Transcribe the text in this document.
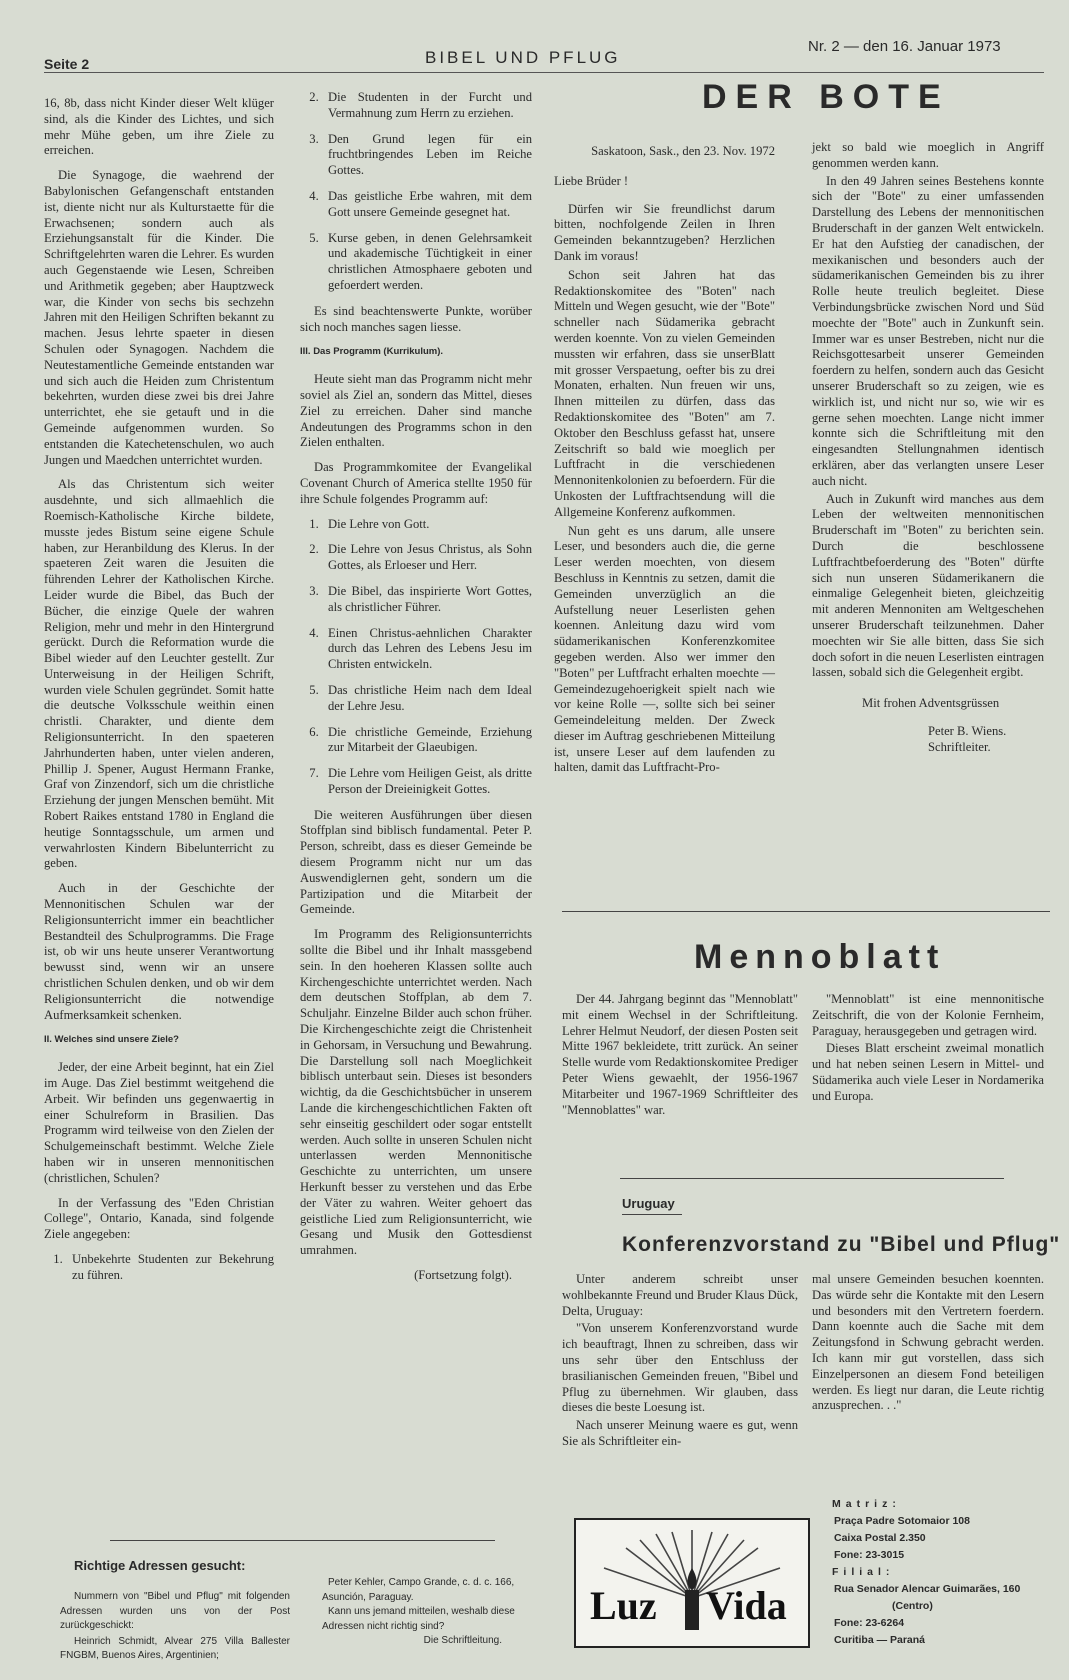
Seite 2	BIBEL UND PFLUG
Nr. 2 — den 16. Januar 1973

16, 8b, dass nicht Kinder dieser Welt klüger sind, als die Kinder des Lichtes, und sich mehr Mühe geben, um ihre Ziele zu erreichen.

Die Synagoge, die waehrend der Babylonischen Gefangenschaft entstanden ist, diente nicht nur als Kulturstaette für die Erwachsenen; sondern auch als Erziehungsanstalt für die Kinder. Die Schriftgelehrten waren die Lehrer. Es wurden auch Gegenstaende wie Lesen, Schreiben und Arithmetik gegeben; aber Hauptzweck war, die Kinder von sechs bis sechzehn Jahren mit den Heiligen Schriften bekannt zu machen. Jesus lehrte spaeter in diesen Schulen oder Synagogen. Nachdem die Neutestamentliche Gemeinde entstanden war und sich auch die Heiden zum Christentum bekehrten, wurden diese zwei bis drei Jahre unterrichtet, ehe sie getauft und in die Gemeinde aufgenommen wurden. So entstanden die Katechetenschulen, wo auch Jungen und Maedchen unterrichtet wurden.

Als das Christentum sich weiter ausdehnte, und sich allmaehlich die Roemisch-Katholische Kirche bildete, musste jedes Bistum seine eigene Schule haben, zur Heranbildung des Klerus. In der spaeteren Zeit waren die Jesuiten die führenden Lehrer der Katholischen Kirche. Leider wurde die Bibel, das Buch der Bücher, die einzige Quele der wahren Religion, mehr und mehr in den Hintergrund gerückt. Durch die Reformation wurde die Bibel wieder auf den Leuchter gestellt. Zur Unterweisung in der Heiligen Schrift, wurden viele Schulen gegründet. Somit hatte die deutsche Volksschule weithin einen christli. Charakter, und diente dem Religionsunterricht. In den spaeteren Jahrhunderten haben, unter vielen anderen, Phillip J. Spener, August Hermann Franke, Graf von Zinzendorf, sich um die christliche Erziehung der jungen Menschen bemüht. Mit Robert Raikes entstand 1780 in England die heutige Sonntagsschule, um armen und verwahrlosten Kindern Bibelunterricht zu geben.

Auch in der Geschichte der Mennonitischen Schulen war der Religionsunterricht immer ein beachtlicher Bestandteil des Schulprogramms. Die Frage ist, ob wir uns heute unserer Verantwortung bewusst sind, wenn wir an unsere christlichen Schulen denken, und ob wir dem Religionsunterricht die notwendige Aufmerksamkeit schenken.

II. Welches sind unsere Ziele?

Jeder, der eine Arbeit beginnt, hat ein Ziel im Auge. Das Ziel bestimmt weitgehend die Arbeit. Wir befinden uns gegenwaertig in einer Schulreform in Brasilien. Das Programm wird teilweise von den Zielen der Schulgemeinschaft bestimmt. Welche Ziele haben wir in unseren mennonitischen (christlichen, Schulen?

In der Verfassung des "Eden Christian College", Ontario, Kanada, sind folgende Ziele angegeben:

1. Unbekehrte Studenten zur Bekehrung zu führen.
2. Die Studenten in der Furcht und Vermahnung zum Herrn zu erziehen.
3. Den Grund legen für ein fruchtbringendes Leben im Reiche Gottes.
4. Das geistliche Erbe wahren, mit dem Gott unsere Gemeinde gesegnet hat.
5. Kurse geben, in denen Gelehrsamkeit und akademische Tüchtigkeit in einer christlichen Atmosphaere geboten und gefoerdert werden.

Es sind beachtenswerte Punkte, worüber sich noch manches sagen liesse.

III. Das Programm (Kurrikulum).

Heute sieht man das Programm nicht mehr soviel als Ziel an, sondern das Mittel, dieses Ziel zu erreichen. Daher sind manche Andeutungen des Programms schon in den Zielen enthalten.

Das Programmkomitee der Evangelikal Covenant Church of America stellte 1950 für ihre Schule folgendes Programm auf:

1. Die Lehre von Gott.
2. Die Lehre von Jesus Christus, als Sohn Gottes, als Erloeser und Herr.
3. Die Bibel, das inspirierte Wort Gottes, als christlicher Führer.
4. Einen Christus-aehnlichen Charakter durch das Lehren des Lebens Jesu im Christen entwickeln.
5. Das christliche Heim nach dem Ideal der Lehre Jesu.
6. Die christliche Gemeinde, Erziehung zur Mitarbeit der Glaeubigen.
7. Die Lehre vom Heiligen Geist, als dritte Person der Dreieinigkeit Gottes.

Die weiteren Ausführungen über diesen Stoffplan sind biblisch fundamental. Peter P. Person, schreibt, dass es dieser Gemeinde be diesem Programm nicht nur um das Auswendiglernen geht, sondern um die Partizipation und die Mitarbeit der Gemeinde.

Im Programm des Religionsunterrichts sollte die Bibel und ihr Inhalt massgebend sein. In den hoeheren Klassen sollte auch Kirchengeschichte unterrichtet werden. Nach dem deutschen Stoffplan, ab dem 7. Schuljahr. Einzelne Bilder auch schon früher. Die Kirchengeschichte zeigt die Christenheit in Gehorsam, in Versuchung und Bewahrung. Die Darstellung soll nach Moeglichkeit biblisch unterbaut sein. Dieses ist besonders wichtig, da die Geschichtsbücher in unserem Lande die kirchengeschichtlichen Fakten oft sehr einseitig geschildert oder sogar entstellt werden. Auch sollte in unseren Schulen nicht unterlassen werden Mennonitische Geschichte zu unterrichten, um unsere Herkunft besser zu verstehen und das Erbe der Väter zu wahren. Weiter gehoert das geistliche Lied zum Religionsunterricht, wie Gesang und Musik den Gottesdienst umrahmen.

(Fortsetzung folgt).
DER BOTE

Saskatoon, Sask., den 23. Nov. 1972

Liebe Brüder !

Dürfen wir Sie freundlichst darum bitten, nochfolgende Zeilen in Ihren Gemeinden bekanntzugeben? Herzlichen Dank im voraus!

Schon seit Jahren hat das Redaktionskomitee des "Boten" nach Mitteln und Wegen gesucht, wie der "Bote" schneller nach Südamerika gebracht werden koennte. Von zu vielen Gemeinden mussten wir erfahren, dass sie unserBlatt mit grosser Verspaetung, oefter bis zu drei Monaten, erhalten. Nun freuen wir uns, Ihnen mitteilen zu dürfen, dass das Redaktionskomitee des "Boten" am 7. Oktober den Beschluss gefasst hat, unsere Zeitschrift so bald wie moeglich per Luftfracht in die verschiedenen Mennonitenkolonien zu befoerdern. Für die Unkosten der Luftfrachtsendung will die Allgemeine Konferenz aufkommen.

Nun geht es uns darum, alle unsere Leser, und besonders auch die, die gerne Leser werden moechten, von diesem Beschluss in Kenntnis zu setzen, damit die Gemeinden unverzüglich an die Aufstellung neuer Leserlisten gehen koennen. Anleitung dazu wird vom südamerikanischen Konferenzkomitee gegeben werden. Also wer immer den "Boten" per Luftfracht erhalten moechte — Gemeindezugehoerigkeit spielt nach wie vor keine Rolle —, sollte sich bei seiner Gemeindeleitung melden. Der Zweck dieser im Auftrag geschriebenen Mitteilung ist, unsere Leser auf dem laufenden zu halten, damit das Luftfracht-Pro-

jekt so bald wie moeglich in Angriff genommen werden kann.

In den 49 Jahren seines Bestehens konnte sich der "Bote" zu einer umfassenden Darstellung des Lebens der mennonitischen Bruderschaft in der ganzen Welt entwickeln. Er hat den Aufstieg der canadischen, der mexikanischen und besonders auch der südamerikanischen Gemeinden bis zu ihrer Rolle heute treulich begleitet. Diese Verbindungsbrücke zwischen Nord und Süd moechte der "Bote" auch in Zunkunft sein. Immer war es unser Bestreben, nicht nur die Reichsgottesarbeit unserer Gemeinden foerdern zu helfen, sondern auch das Gesicht unserer Bruderschaft so zu zeigen, wie es wirklich ist, und nicht nur so, wie wir es gerne sehen moechten. Lange nicht immer konnte sich die Schriftleitung mit den eingesandten Stellungnahmen identisch erklären, aber das verlangten unsere Leser auch nicht.

Auch in Zukunft wird manches aus dem Leben der weltweiten mennonitischen Bruderschaft im "Boten" zu berichten sein. Durch die beschlossene Luftfrachtbefoerderung des "Boten" dürfte sich nun unseren Südamerikanern die einmalige Gelegenheit bieten, gleichzeitig mit anderen Mennoniten am Weltgeschehen unserer Bruderschaft teilzunehmen. Daher moechten wir Sie alle bitten, dass Sie sich doch sofort in die neuen Leserlisten eintragen lassen, sobald sich die Gelegenheit ergibt.

Mit frohen Adventsgrüssen
Peter B. Wiens.
Schriftleiter.
Mennoblatt

Der 44. Jahrgang beginnt das "Mennoblatt" mit einem Wechsel in der Schriftleitung. Lehrer Helmut Neudorf, der diesen Posten seit Mitte 1967 bekleidete, tritt zurück. An seiner Stelle wurde vom Redaktionskomitee Prediger Peter Wiens gewaehlt, der 1956-1967 Mitarbeiter und 1967-1969 Schriftleiter des "Mennoblattes" war.

"Mennoblatt" ist eine mennonitische Zeitschrift, die von der Kolonie Fernheim, Paraguay, herausgegeben und getragen wird.

Dieses Blatt erscheint zweimal monatlich und hat neben seinen Lesern in Mittel- und Südamerika auch viele Leser in Nordamerika und Europa.

Uruguay
Konferenzvorstand zu "Bibel und Pflug"

Unter anderem schreibt unser wohlbekannte Freund und Bruder Klaus Dück, Delta, Uruguay:

"Von unserem Konferenzvorstand wurde ich beauftragt, Ihnen zu schreiben, dass wir uns sehr über den Entschluss der brasilianischen Gemeinden freuen, "Bibel und Pflug zu übernehmen. Wir glauben, dass dieses die beste Loesung ist.

Nach unserer Meinung waere es gut, wenn Sie als Schriftleiter ein-

mal unsere Gemeinden besuchen koennten. Das würde sehr die Kontakte mit den Lesern und besonders mit den Vertretern foerdern. Dann koennte auch die Sache mit dem Zeitungsfond in Schwung gebracht werden. Ich kann mir gut vorstellen, dass sich Einzelpersonen an diesem Fond beteiligen werden. Es liegt nur daran, die Leute richtig anzusprechen. . ."

Richtige Adressen gesucht:
Nummern von "Bibel und Pflug" mit folgenden Adressen wurden uns von der Post zurückgeschickt:
Heinrich Schmidt, Alvear 275 Villa Ballester FNGBM, Buenos Aires, Argentinien;
Peter Kehler, Campo Grande, c. d. c. 166, Asunción, Paraguay.
Kann uns jemand mitteilen, weshalb diese Adressen nicht richtig sind?
Die Schriftleitung.
Luz Vida
Matriz:
Praça Padre Sotomaior 108
Caixa Postal 2.350
Fone: 23-3015
Filial:
Rua Senador Alencar Guimarães, 160
(Centro)
Fone: 23-6264
Curitiba — Paraná
